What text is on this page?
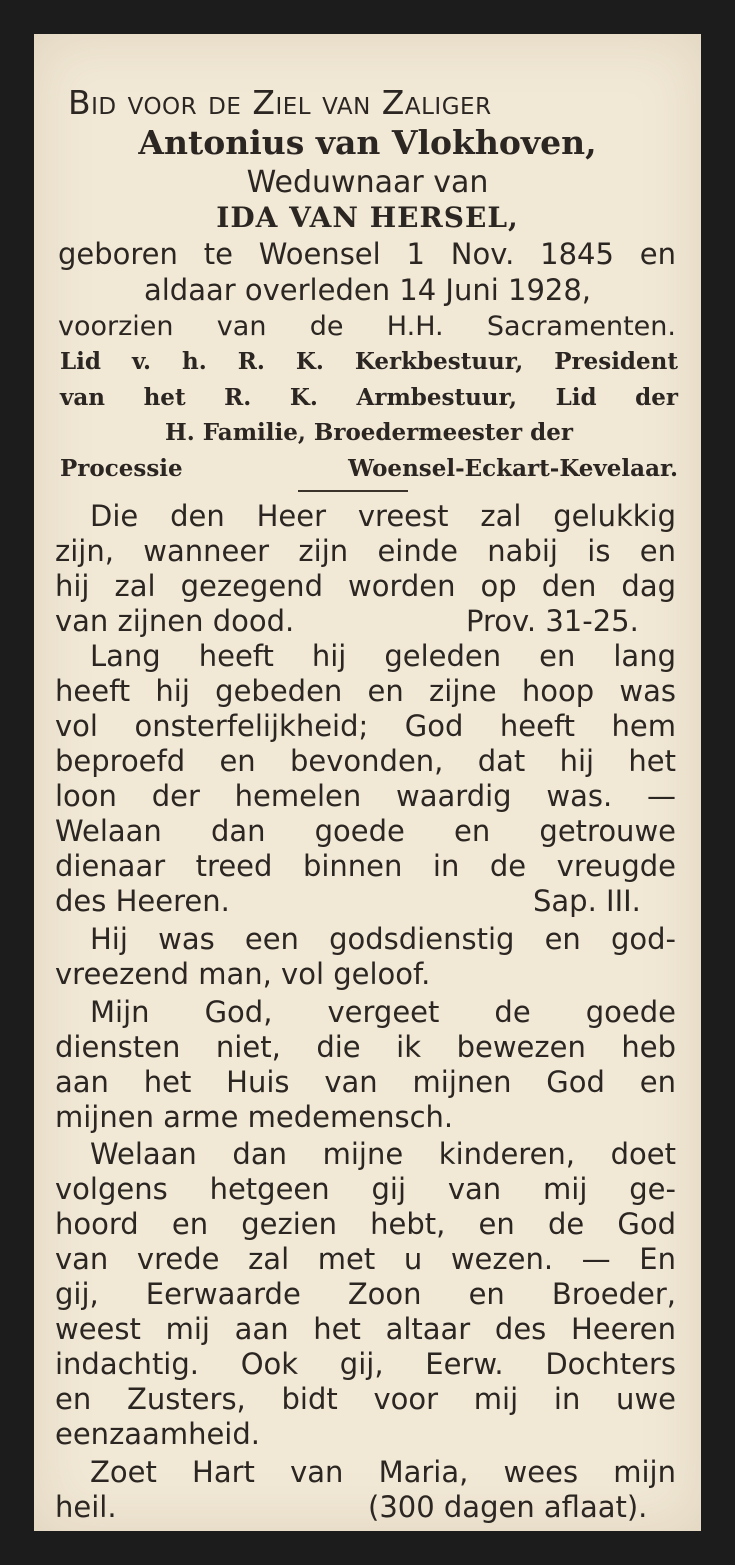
Bid voor de Ziel van Zaliger
Antonius van Vlokhoven,
Weduwnaar van
IDA VAN HERSEL,
geboren te Woensel 1 Nov. 1845 en
aldaar overleden 14 Juni 1928,
voorzien van de H.H. Sacramenten.
Lid v. h. R. K. Kerkbestuur, President
van het R. K. Armbestuur, Lid der
H. Familie, Broedermeester der
Processie Woensel-Eckart-Kevelaar.
Die den Heer vreest zal gelukkig
zijn, wanneer zijn einde nabij is en
hij zal gezegend worden op den dag
van zijnen dood.	Prov. 31-25.
Lang heeft hij geleden en lang
heeft hij gebeden en zijne hoop was
vol onsterfelijkheid; God heeft hem
beproefd en bevonden, dat hij het
loon der hemelen waardig was. —
Welaan dan goede en getrouwe
dienaar treed binnen in de vreugde
des Heeren.	Sap. III.
Hij was een godsdienstig en god-
vreezend man, vol geloof.
Mijn God, vergeet de goede
diensten niet, die ik bewezen heb
aan het Huis van mijnen God en
mijnen arme medemensch.
Welaan dan mijne kinderen, doet
volgens hetgeen gij van mij ge-
hoord en gezien hebt, en de God
van vrede zal met u wezen. — En
gij, Eerwaarde Zoon en Broeder,
weest mij aan het altaar des Heeren
indachtig. Ook gij, Eerw. Dochters
en Zusters, bidt voor mij in uwe
eenzaamheid.
Zoet Hart van Maria, wees mijn
heil.	(300 dagen aflaat).
